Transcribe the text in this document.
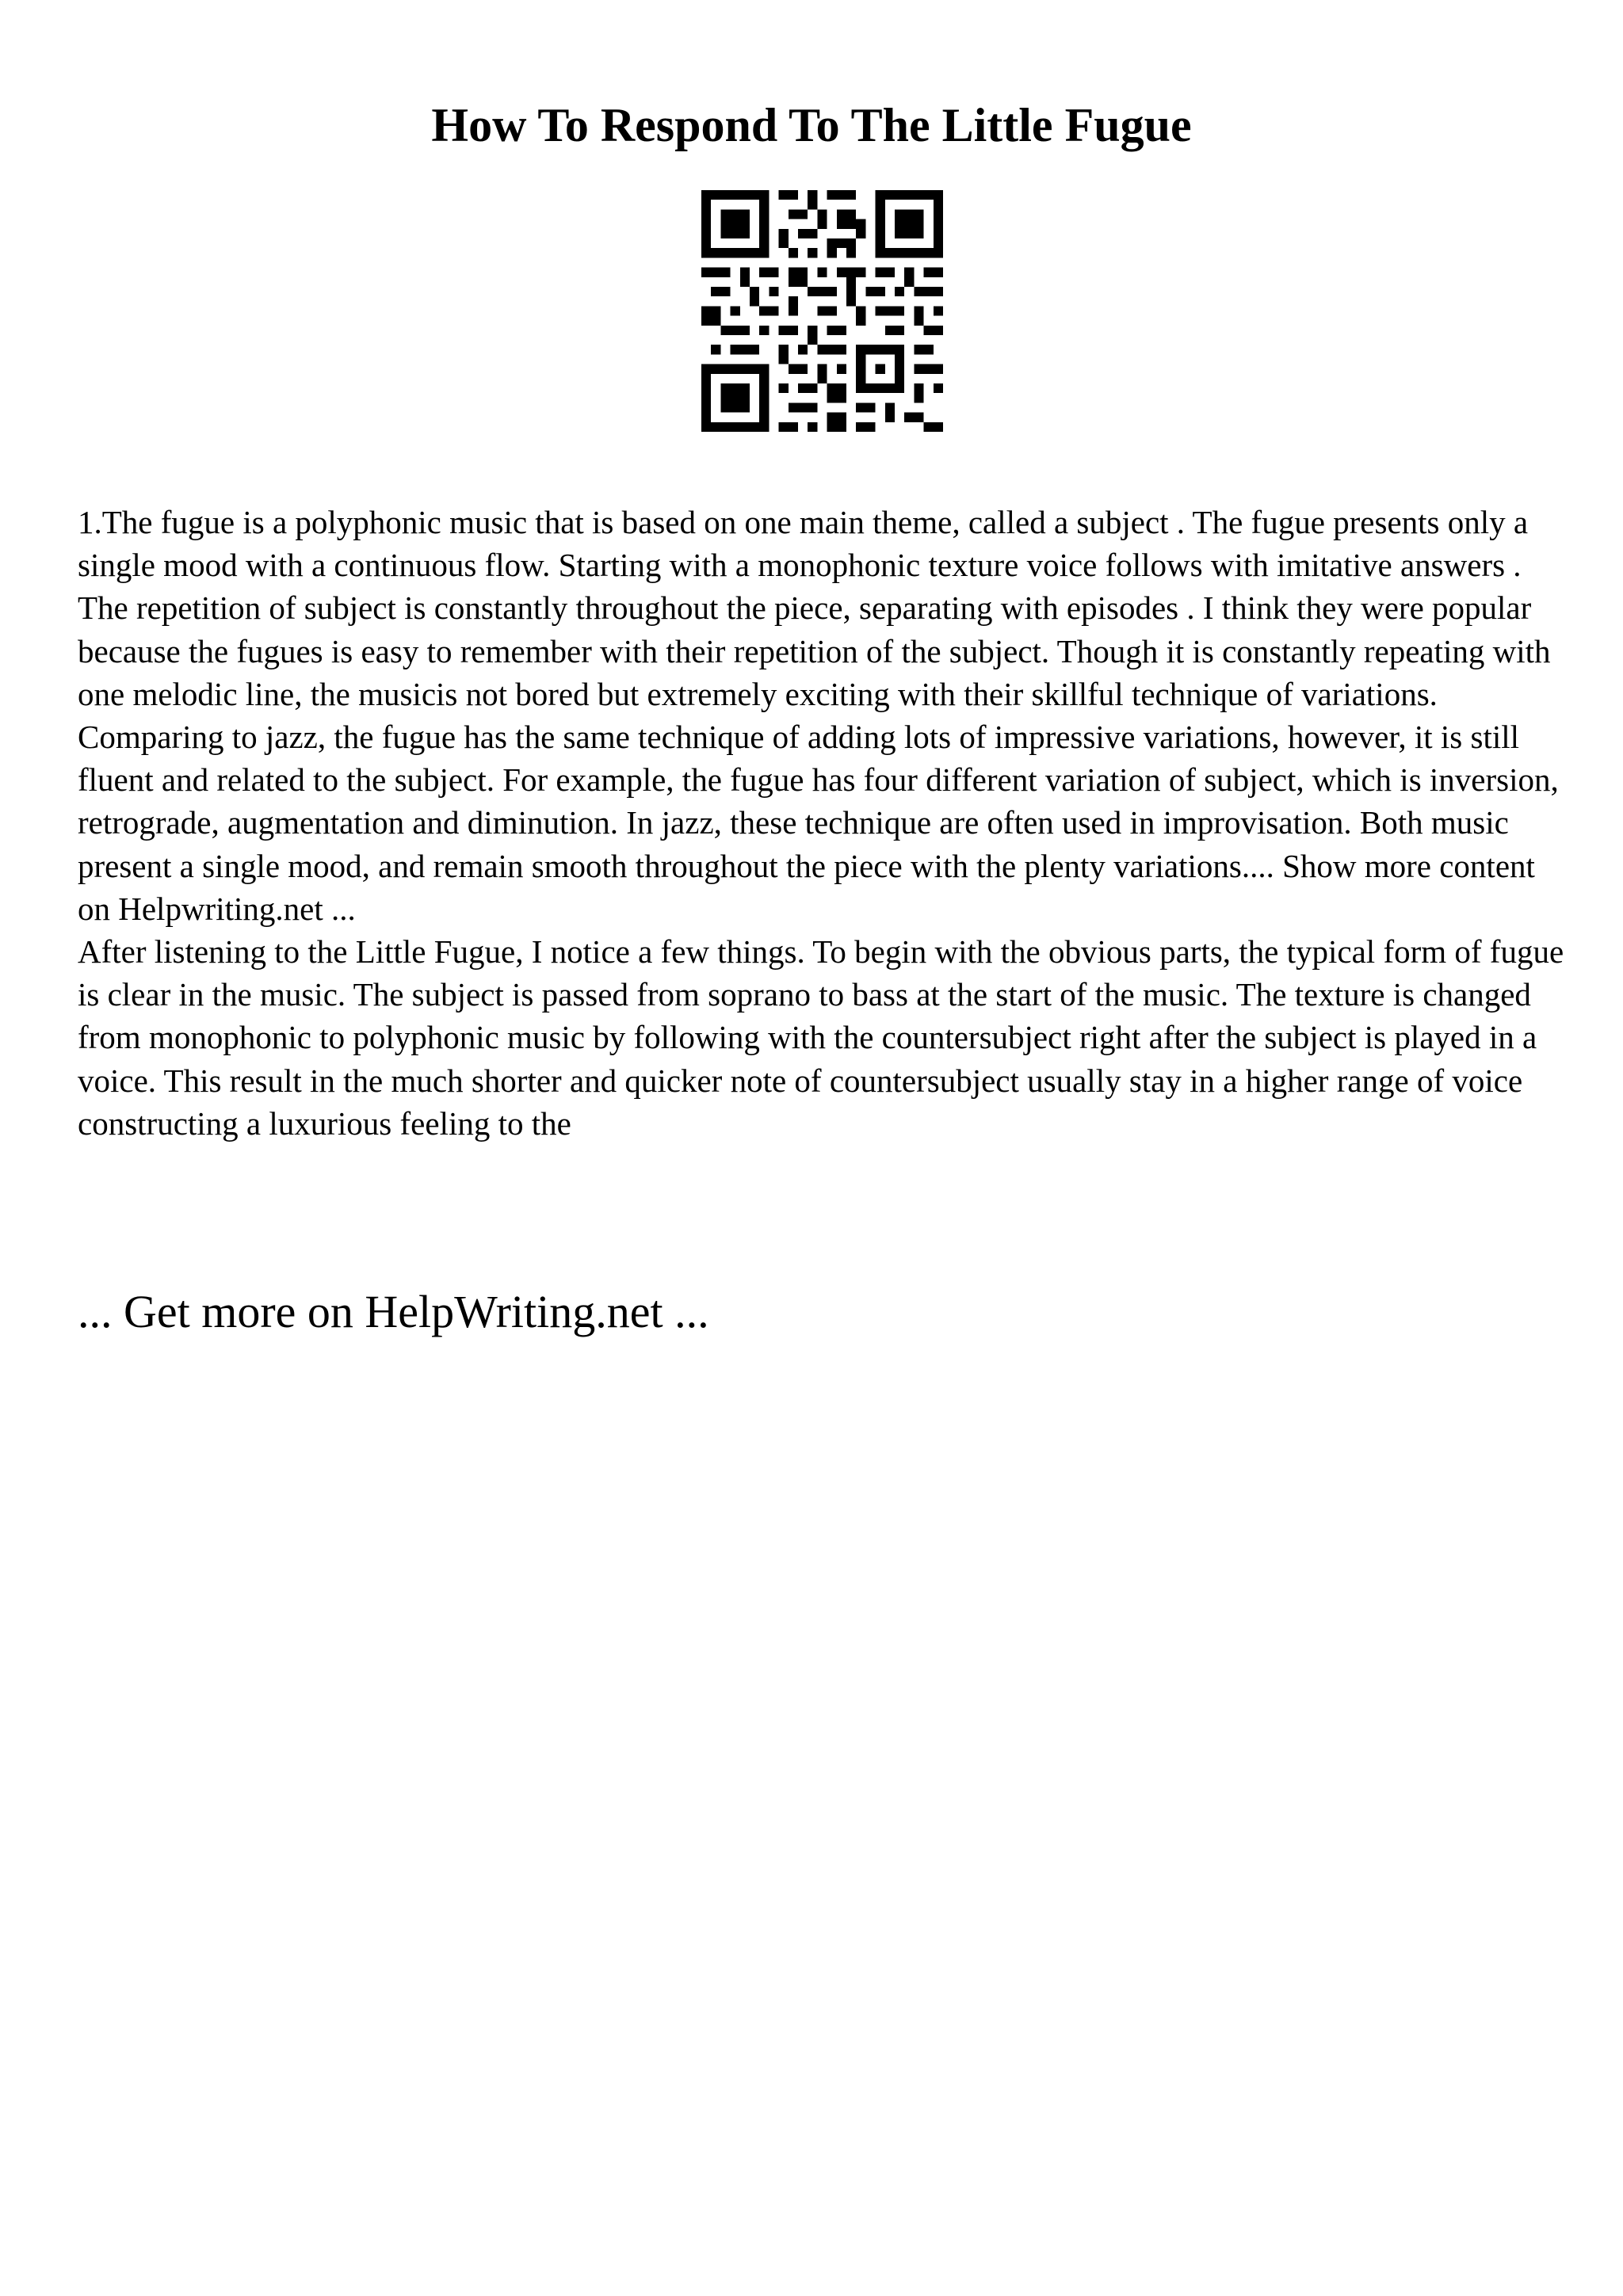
How To Respond To The Little Fugue

1.The fugue is a polyphonic music that is based on one main theme, called a subject . The fugue presents only a single mood with a continuous flow. Starting with a monophonic texture voice follows with imitative answers . The repetition of subject is constantly throughout the piece, separating with episodes . I think they were popular because the fugues is easy to remember with their repetition of the subject. Though it is constantly repeating with one melodic line, the musicis not bored but extremely exciting with their skillful technique of variations. Comparing to jazz, the fugue has the same technique of adding lots of impressive variations, however, it is still fluent and related to the subject. For example, the fugue has four different variation of subject, which is inversion, retrograde, augmentation and diminution. In jazz, these technique are often used in improvisation. Both music present a single mood, and remain smooth throughout the piece with the plenty variations.... Show more content on Helpwriting.net ...

After listening to the Little Fugue, I notice a few things. To begin with the obvious parts, the typical form of fugue is clear in the music. The subject is passed from soprano to bass at the start of the music. The texture is changed from monophonic to polyphonic music by following with the countersubject right after the subject is played in a voice. This result in the much shorter and quicker note of countersubject usually stay in a higher range of voice constructing a luxurious feeling to the

... Get more on HelpWriting.net ...
